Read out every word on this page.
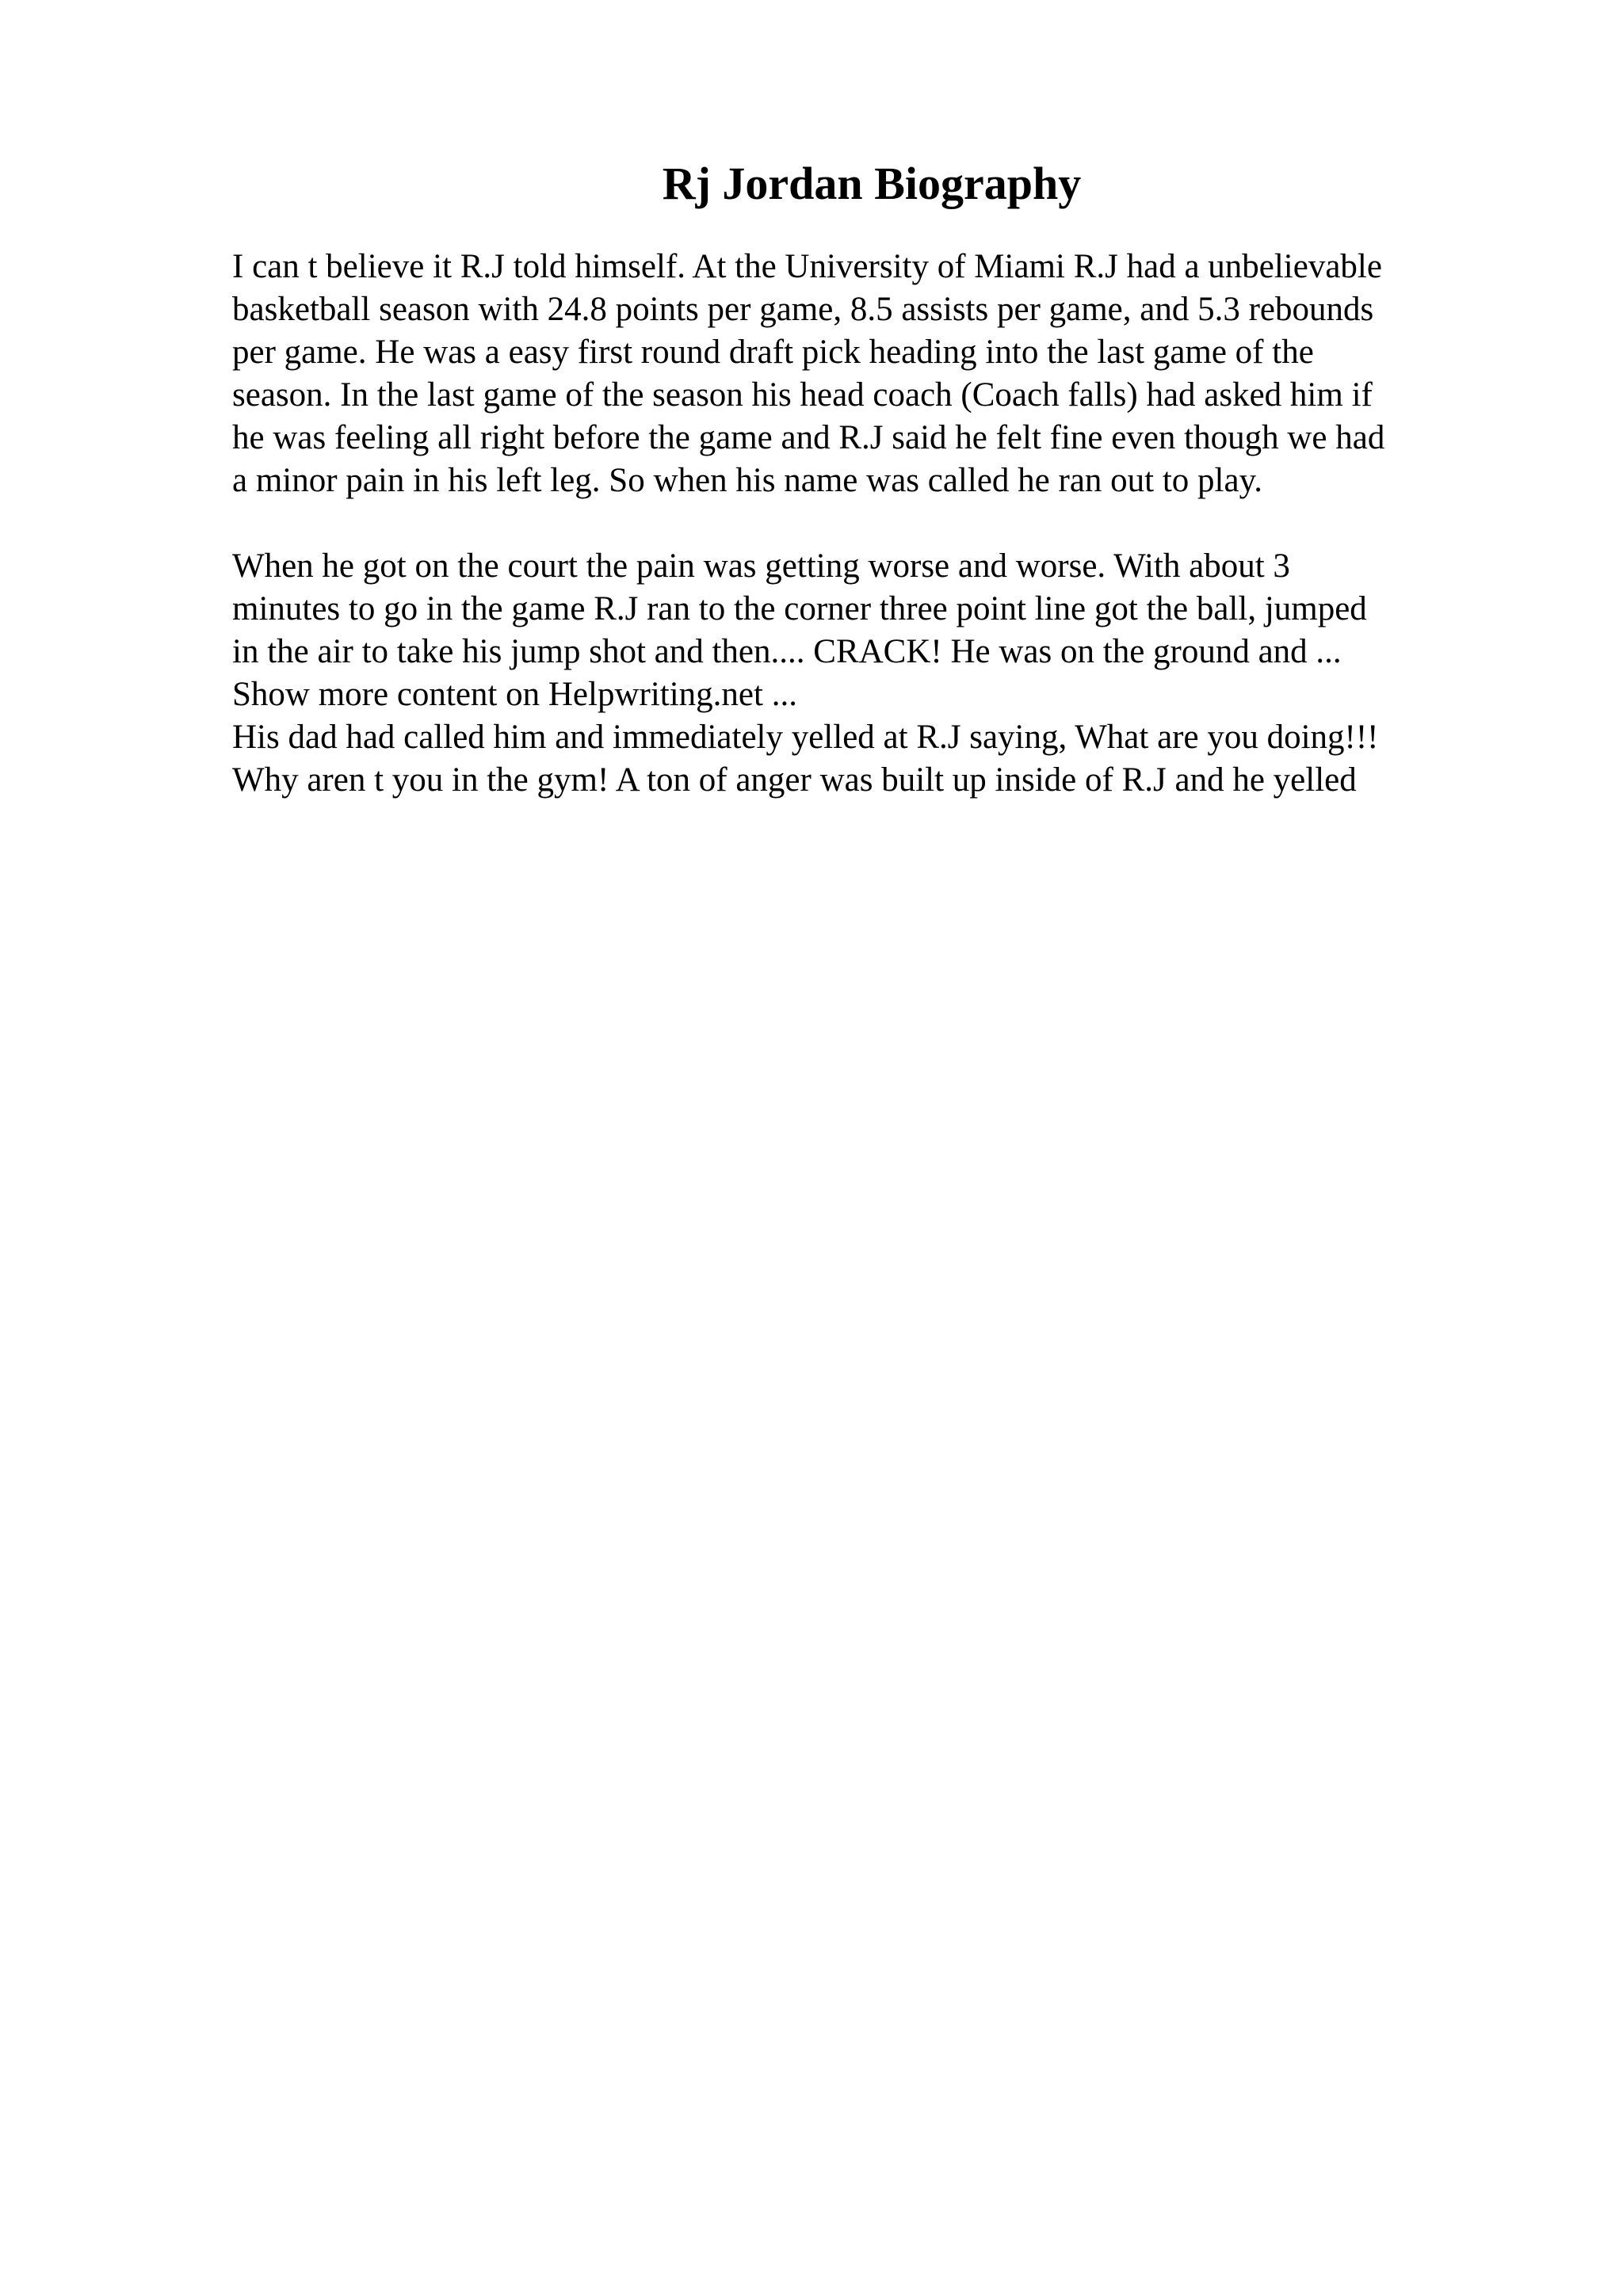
Rj Jordan Biography
I can t believe it R.J told himself. At the University of Miami R.J had a unbelievable
basketball season with 24.8 points per game, 8.5 assists per game, and 5.3 rebounds
per game. He was a easy first round draft pick heading into the last game of the
season. In the last game of the season his head coach (Coach falls) had asked him if
he was feeling all right before the game and R.J said he felt fine even though we had
a minor pain in his left leg. So when his name was called he ran out to play.
When he got on the court the pain was getting worse and worse. With about 3
minutes to go in the game R.J ran to the corner three point line got the ball, jumped
in the air to take his jump shot and then.... CRACK! He was on the ground and ...
Show more content on Helpwriting.net ...
His dad had called him and immediately yelled at R.J saying, What are you doing!!!
Why aren t you in the gym! A ton of anger was built up inside of R.J and he yelled
